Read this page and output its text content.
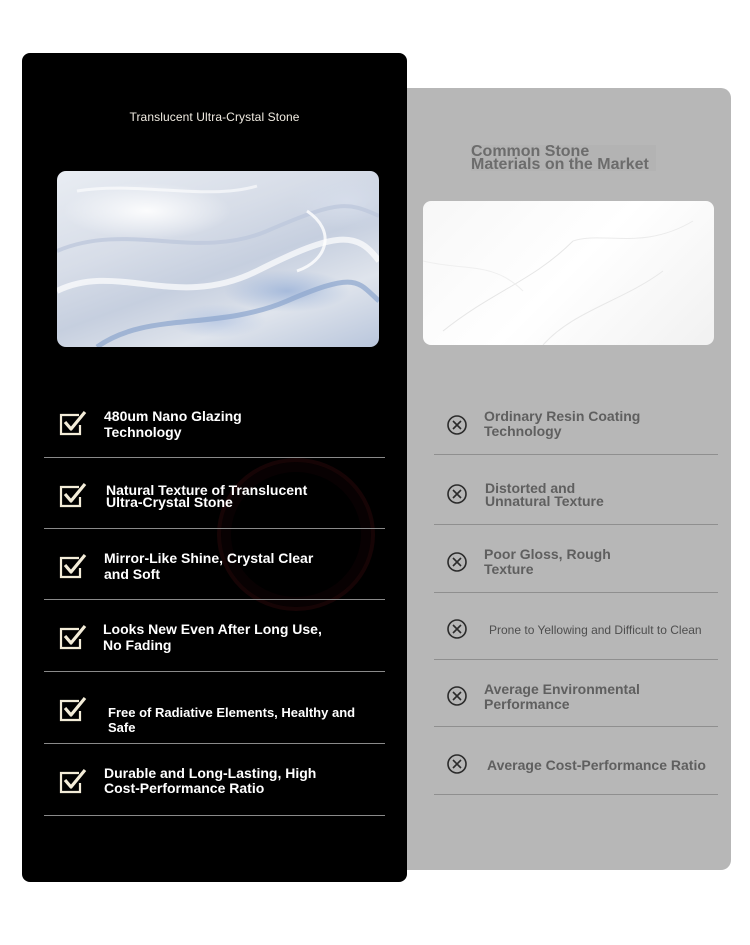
Common Stone
Materials on the Market
Ordinary Resin Coating
Technology
Distorted and
Unnatural Texture
Poor Gloss, Rough
Texture
Prone to Yellowing and Difficult to Clean
Average Environmental
Performance
Average Cost-Performance Ratio
Translucent Ultra-Crystal Stone
480um Nano Glazing
Technology
Natural Texture of Translucent
Ultra-Crystal Stone
Mirror-Like Shine, Crystal Clear
and Soft
Looks New Even After Long Use,
No Fading
Free of Radiative Elements, Healthy and Safe
Durable and Long-Lasting, High
Cost-Performance Ratio
